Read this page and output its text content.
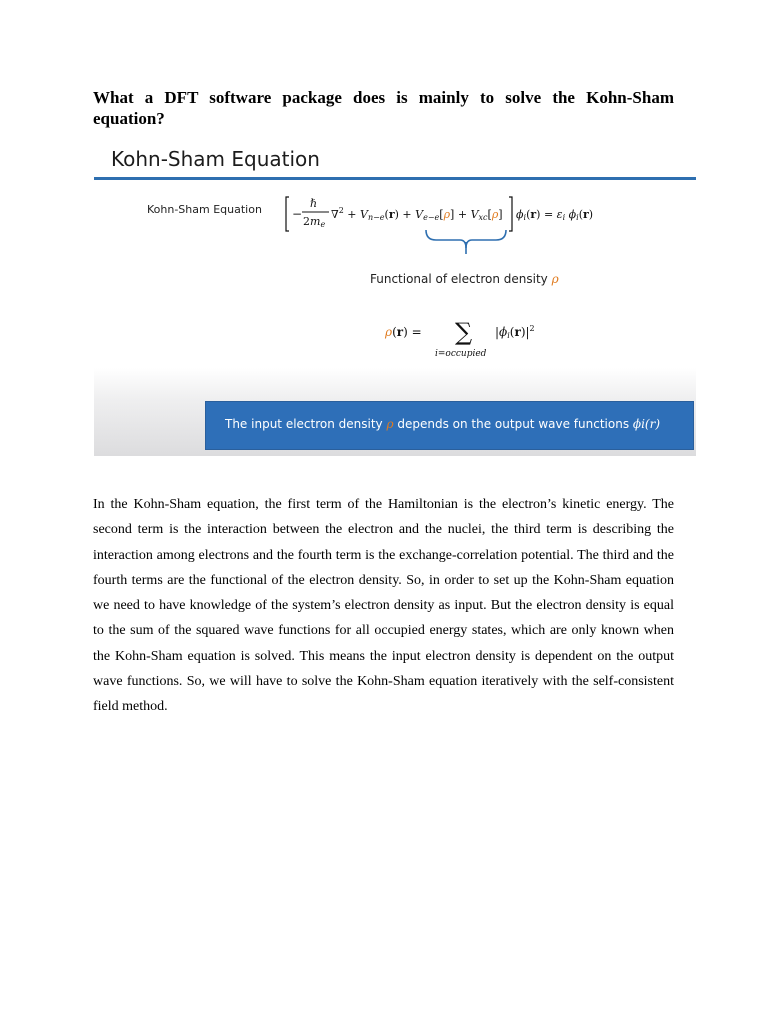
What a DFT software package does is mainly to solve the Kohn-Sham equation?
Kohn-Sham Equation
Kohn-Sham Equation	−
ℏ
2me
∇$^2$ + Vn−e(r) + Ve−e[ρ] + Vxc[ρ] ϕi(r) = εi ϕi(r)
Functional of electron density ρ
ρ(r) = ∑
i=occupied
$|\phi i(r)|^2$
The input electron density ρ depends on the output wave functions ϕi(r)

In the Kohn-Sham equation, the first term of the Hamiltonian is the electron’s kinetic energy. The second term is the interaction between the electron and the nuclei, the third term is describing the interaction among electrons and the fourth term is the exchange-correlation potential. The third and the fourth terms are the functional of the electron density. So, in order to set up the Kohn-Sham equation we need to have knowledge of the system’s electron density as input. But the electron density is equal to the sum of the squared wave functions for all occupied energy states, which are only known when the Kohn-Sham equation is solved. This means the input electron density is dependent on the output wave functions. So, we will have to solve the Kohn-Sham equation iteratively with the self-consistent field method.
